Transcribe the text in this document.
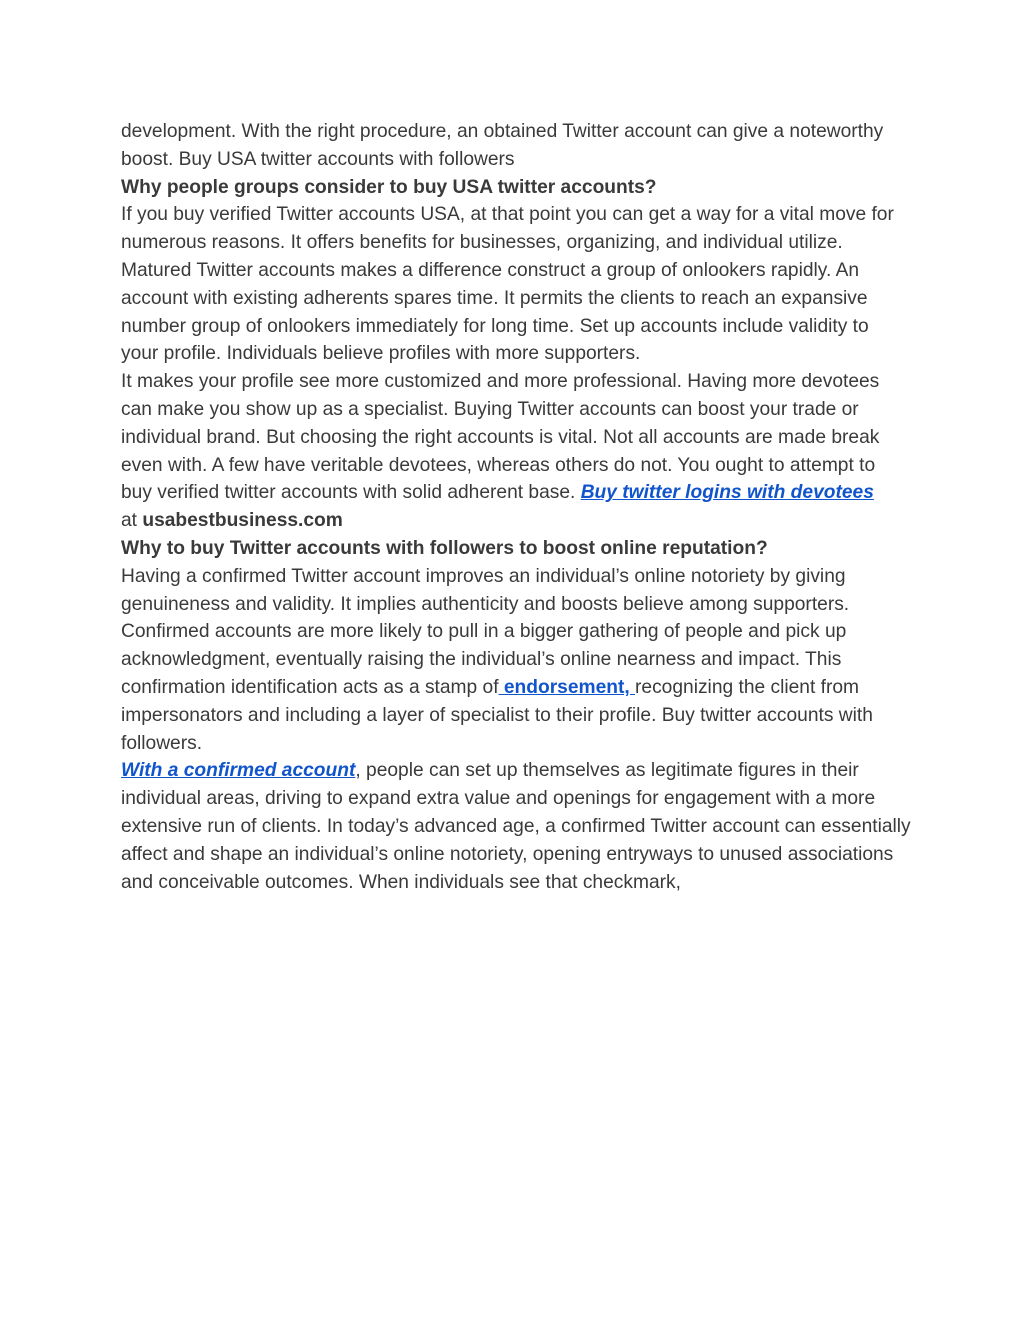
development. With the right procedure, an obtained Twitter account can give a noteworthy boost. Buy USA twitter accounts with followers

Why people groups consider to buy USA twitter accounts?

If you buy verified Twitter accounts USA, at that point you can get a way for a vital move for numerous reasons. It offers benefits for businesses, organizing, and individual utilize. Matured Twitter accounts makes a difference construct a group of onlookers rapidly. An account with existing adherents spares time. It permits the clients to reach an expansive number group of onlookers immediately for long time. Set up accounts include validity to your profile. Individuals believe profiles with more supporters.

It makes your profile see more customized and more professional. Having more devotees can make you show up as a specialist. Buying Twitter accounts can boost your trade or individual brand. But choosing the right accounts is vital. Not all accounts are made break even with. A few have veritable devotees, whereas others do not. You ought to attempt to buy verified twitter accounts with solid adherent base. Buy twitter logins with devotees

at usabestbusiness.com

Why to buy Twitter accounts with followers to boost online reputation?

Having a confirmed Twitter account improves an individual’s online notoriety by giving genuineness and validity. It implies authenticity and boosts believe among supporters. Confirmed accounts are more likely to pull in a bigger gathering of people and pick up acknowledgment, eventually raising the individual’s online nearness and impact. This confirmation identification acts as a stamp of endorsement, recognizing the client from impersonators and including a layer of specialist to their profile. Buy twitter accounts with followers.

With a confirmed account, people can set up themselves as legitimate figures in their individual areas, driving to expand extra value and openings for engagement with a more extensive run of clients. In today’s advanced age, a confirmed Twitter account can essentially affect and shape an individual’s online notoriety, opening entryways to unused associations and conceivable outcomes. When individuals see that checkmark,
